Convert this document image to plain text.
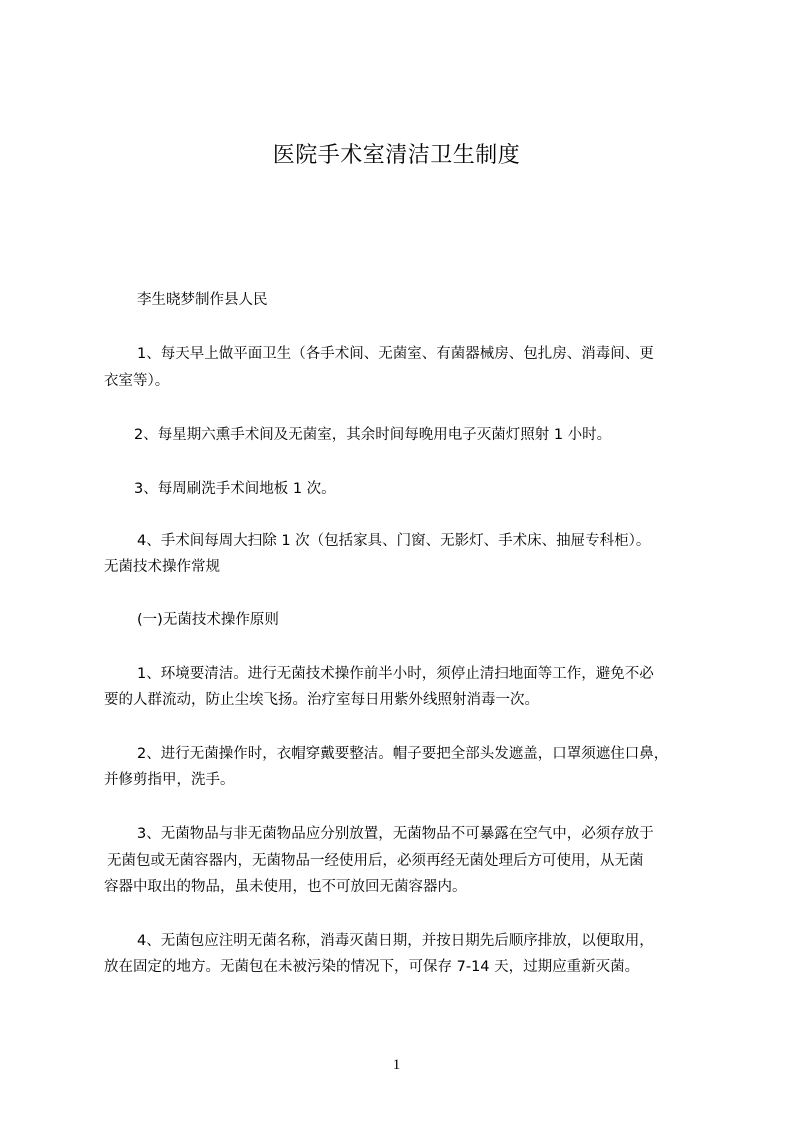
医院手术室清洁卫生制度
李生晓梦制作县人民
1、每天早上做平面卫生（各手术间、无菌室、有菌器械房、包扎房、消毒间、更
衣室等）。
2、每星期六熏手术间及无菌室，其余时间每晚用电子灭菌灯照射 1 小时。
3、每周刷洗手术间地板 1 次。
4、手术间每周大扫除 1 次（包括家具、门窗、无影灯、手术床、抽屉专科柜）。
无菌技术操作常规
(一)无菌技术操作原则
1、环境要清洁。进行无菌技术操作前半小时，须停止清扫地面等工作，避免不必
要的人群流动，防止尘埃飞扬。治疗室每日用紫外线照射消毒一次。
2、进行无菌操作时，衣帽穿戴要整洁。帽子要把全部头发遮盖，口罩须遮住口鼻，
并修剪指甲，洗手。
3、无菌物品与非无菌物品应分别放置，无菌物品不可暴露在空气中，必须存放于
无菌包或无菌容器内，无菌物品一经使用后，必须再经无菌处理后方可使用，从无菌
容器中取出的物品，虽未使用，也不可放回无菌容器内。
4、无菌包应注明无菌名称，消毒灭菌日期，并按日期先后顺序排放，以便取用，
放在固定的地方。无菌包在未被污染的情况下，可保存 7-14 天，过期应重新灭菌。
1
